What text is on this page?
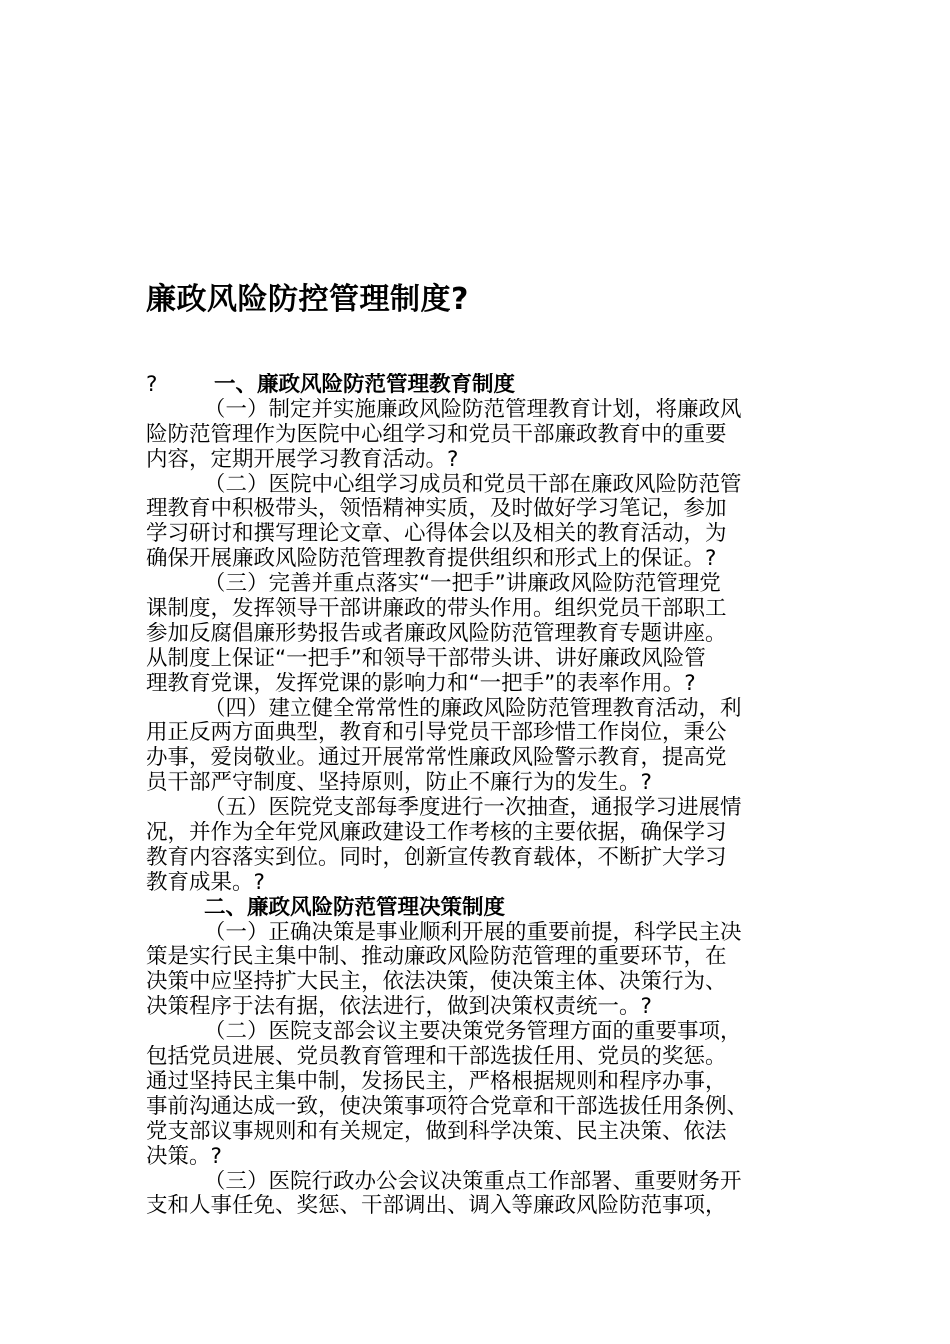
廉政风险防控管理制度?
?	一、廉政风险防范管理教育制度
（一）制定并实施廉政风险防范管理教育计划，将廉政风
险防范管理作为医院中心组学习和党员干部廉政教育中的重要
内容，定期开展学习教育活动。?
（二）医院中心组学习成员和党员干部在廉政风险防范管
理教育中积极带头，领悟精神实质，及时做好学习笔记，参加
学习研讨和撰写理论文章、心得体会以及相关的教育活动，为
确保开展廉政风险防范管理教育提供组织和形式上的保证。?
（三）完善并重点落实“一把手”讲廉政风险防范管理党
课制度，发挥领导干部讲廉政的带头作用。组织党员干部职工
参加反腐倡廉形势报告或者廉政风险防范管理教育专题讲座。
从制度上保证“一把手”和领导干部带头讲、讲好廉政风险管
理教育党课，发挥党课的影响力和“一把手”的表率作用。?
（四）建立健全常常性的廉政风险防范管理教育活动，利
用正反两方面典型，教育和引导党员干部珍惜工作岗位，秉公
办事，爱岗敬业。通过开展常常性廉政风险警示教育，提高党
员干部严守制度、坚持原则，防止不廉行为的发生。?
（五）医院党支部每季度进行一次抽查，通报学习进展情
况，并作为全年党风廉政建设工作考核的主要依据，确保学习
教育内容落实到位。同时，创新宣传教育载体，不断扩大学习
教育成果。?
二、廉政风险防范管理决策制度
（一）正确决策是事业顺利开展的重要前提，科学民主决
策是实行民主集中制、推动廉政风险防范管理的重要环节，在
决策中应坚持扩大民主，依法决策，使决策主体、决策行为、
决策程序于法有据，依法进行，做到决策权责统一。?
（二）医院支部会议主要决策党务管理方面的重要事项，
包括党员进展、党员教育管理和干部选拔任用、党员的奖惩。
通过坚持民主集中制，发扬民主，严格根据规则和程序办事，
事前沟通达成一致，使决策事项符合党章和干部选拔任用条例、
党支部议事规则和有关规定，做到科学决策、民主决策、依法
决策。?
（三）医院行政办公会议决策重点工作部署、重要财务开
支和人事任免、奖惩、干部调出、调入等廉政风险防范事项，
